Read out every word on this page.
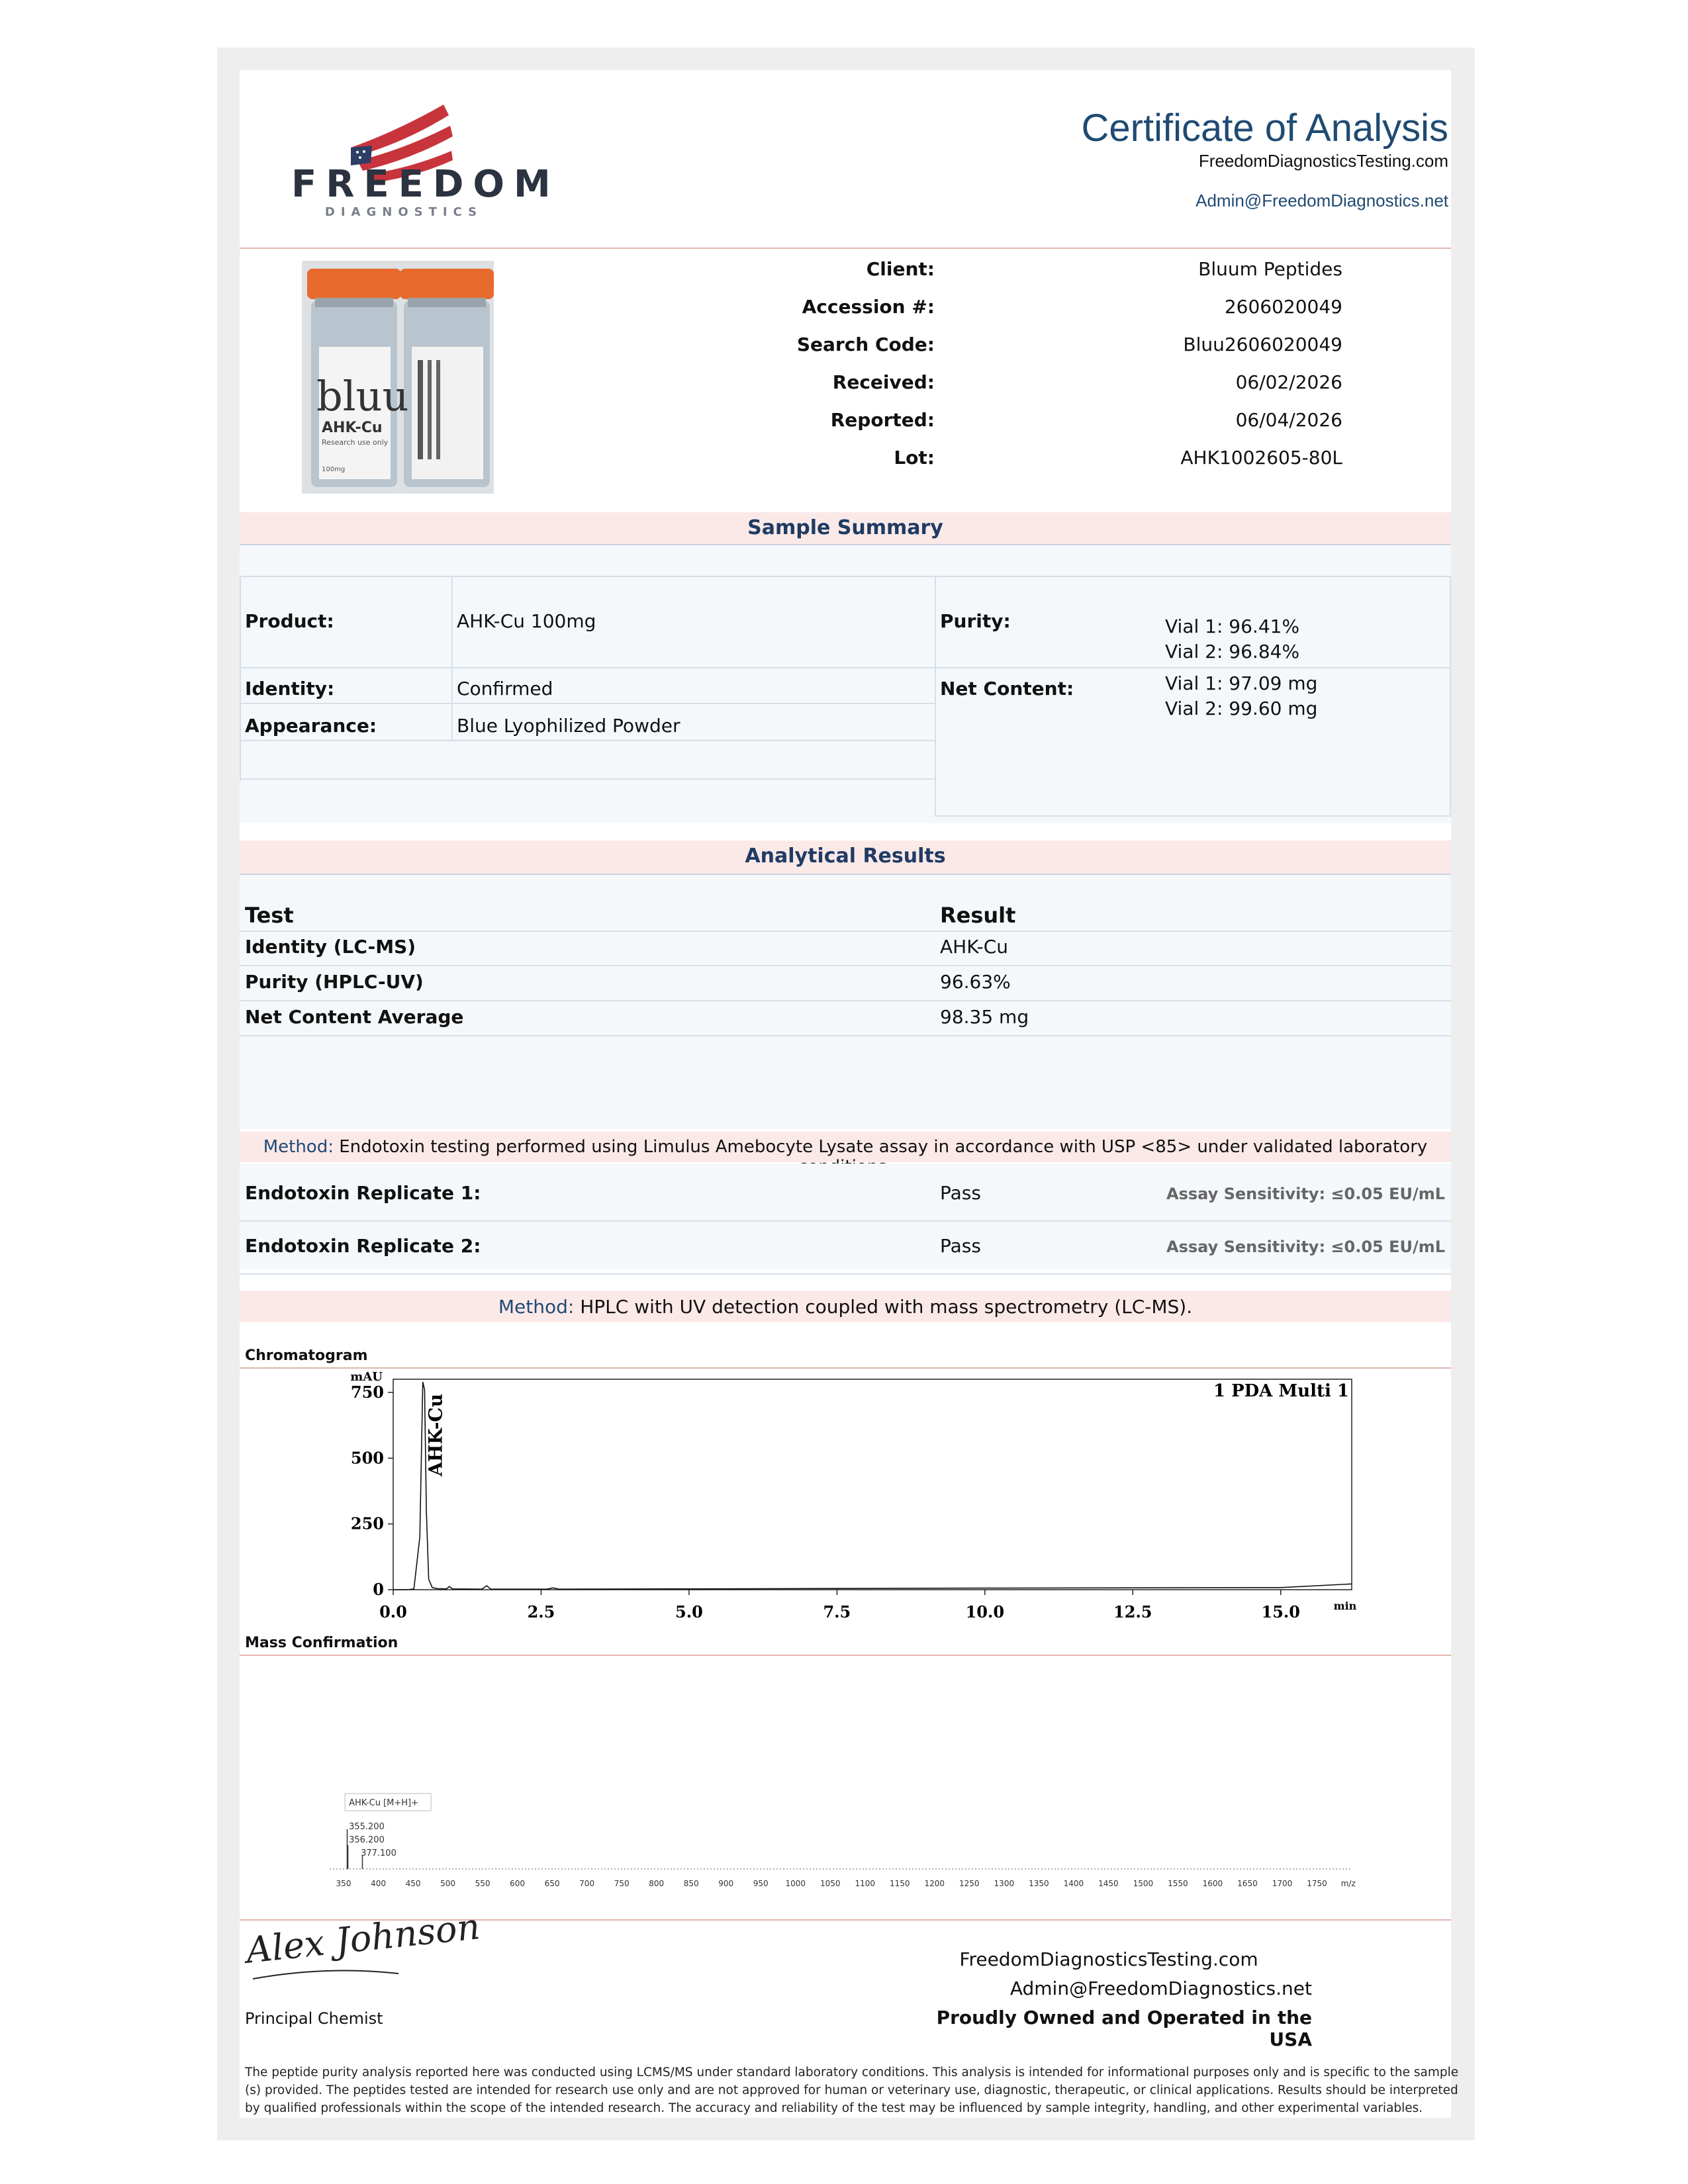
FREEDOM
DIAGNOSTICS
Certificate of Analysis
FreedomDiagnosticsTesting.com
Admin@FreedomDiagnostics.net
bluu
AHK-Cu
Research use only
100mg
Client:	Bluum Peptides
Accession #:	2606020049
Search Code:	Bluu2606020049
Received:	06/02/2026
Reported:	06/04/2026
Lot:	AHK1002605-80L
Sample Summary
Product:	AHK-Cu 100mg
Identity:	Confirmed
Appearance:	Blue Lyophilized Powder
Purity:	Vial 1: 96.41%
Vial 2: 96.84%
Net Content:	Vial 1: 97.09 mg
Vial 2: 99.60 mg
Analytical Results
Test	Result
Identity (LC-MS)	AHK-Cu
Purity (HPLC-UV)	96.63%
Net Content Average	98.35 mg
Method: Endotoxin testing performed using Limulus Amebocyte Lysate assay in accordance with USP <85> under validated laboratory
Endotoxin Replicate 1:	Pass	Assay Sensitivity: ≤0.05 EU/mL
Endotoxin Replicate 2:	Pass	Assay Sensitivity: ≤0.05 EU/mL
Method: HPLC with UV detection coupled with mass spectrometry (LC-MS).
Chromatogram
0
250
500
750
mAU
0.0	2.5	5.0	7.5	10.0	12.5	15.0	min
1 PDA Multi 1
AHK-Cu
Mass Confirmation
350 400 450 500 550 600 650 700 750 800 850 900 950 1000 1050 1100 1150 1200 1250 1300 1350 1400 1450 1500 1550 1600 1650 1700 1750 m/z
AHK-Cu [M+H]+
355.200
356.200
377.100
Alex Johnson
Principal Chemist
FreedomDiagnosticsTesting.com
Admin@FreedomDiagnostics.net
Proudly Owned and Operated in the USA
The peptide purity analysis reported here was conducted using LCMS/MS under standard laboratory conditions. This analysis is intended for informational purposes only and is specific to the sample
(s) provided. The peptides tested are intended for research use only and are not approved for human or veterinary use, diagnostic, therapeutic, or clinical applications. Results should be interpreted
by qualified professionals within the scope of the intended research. The accuracy and reliability of the test may be influenced by sample integrity, handling, and other experimental variables.
